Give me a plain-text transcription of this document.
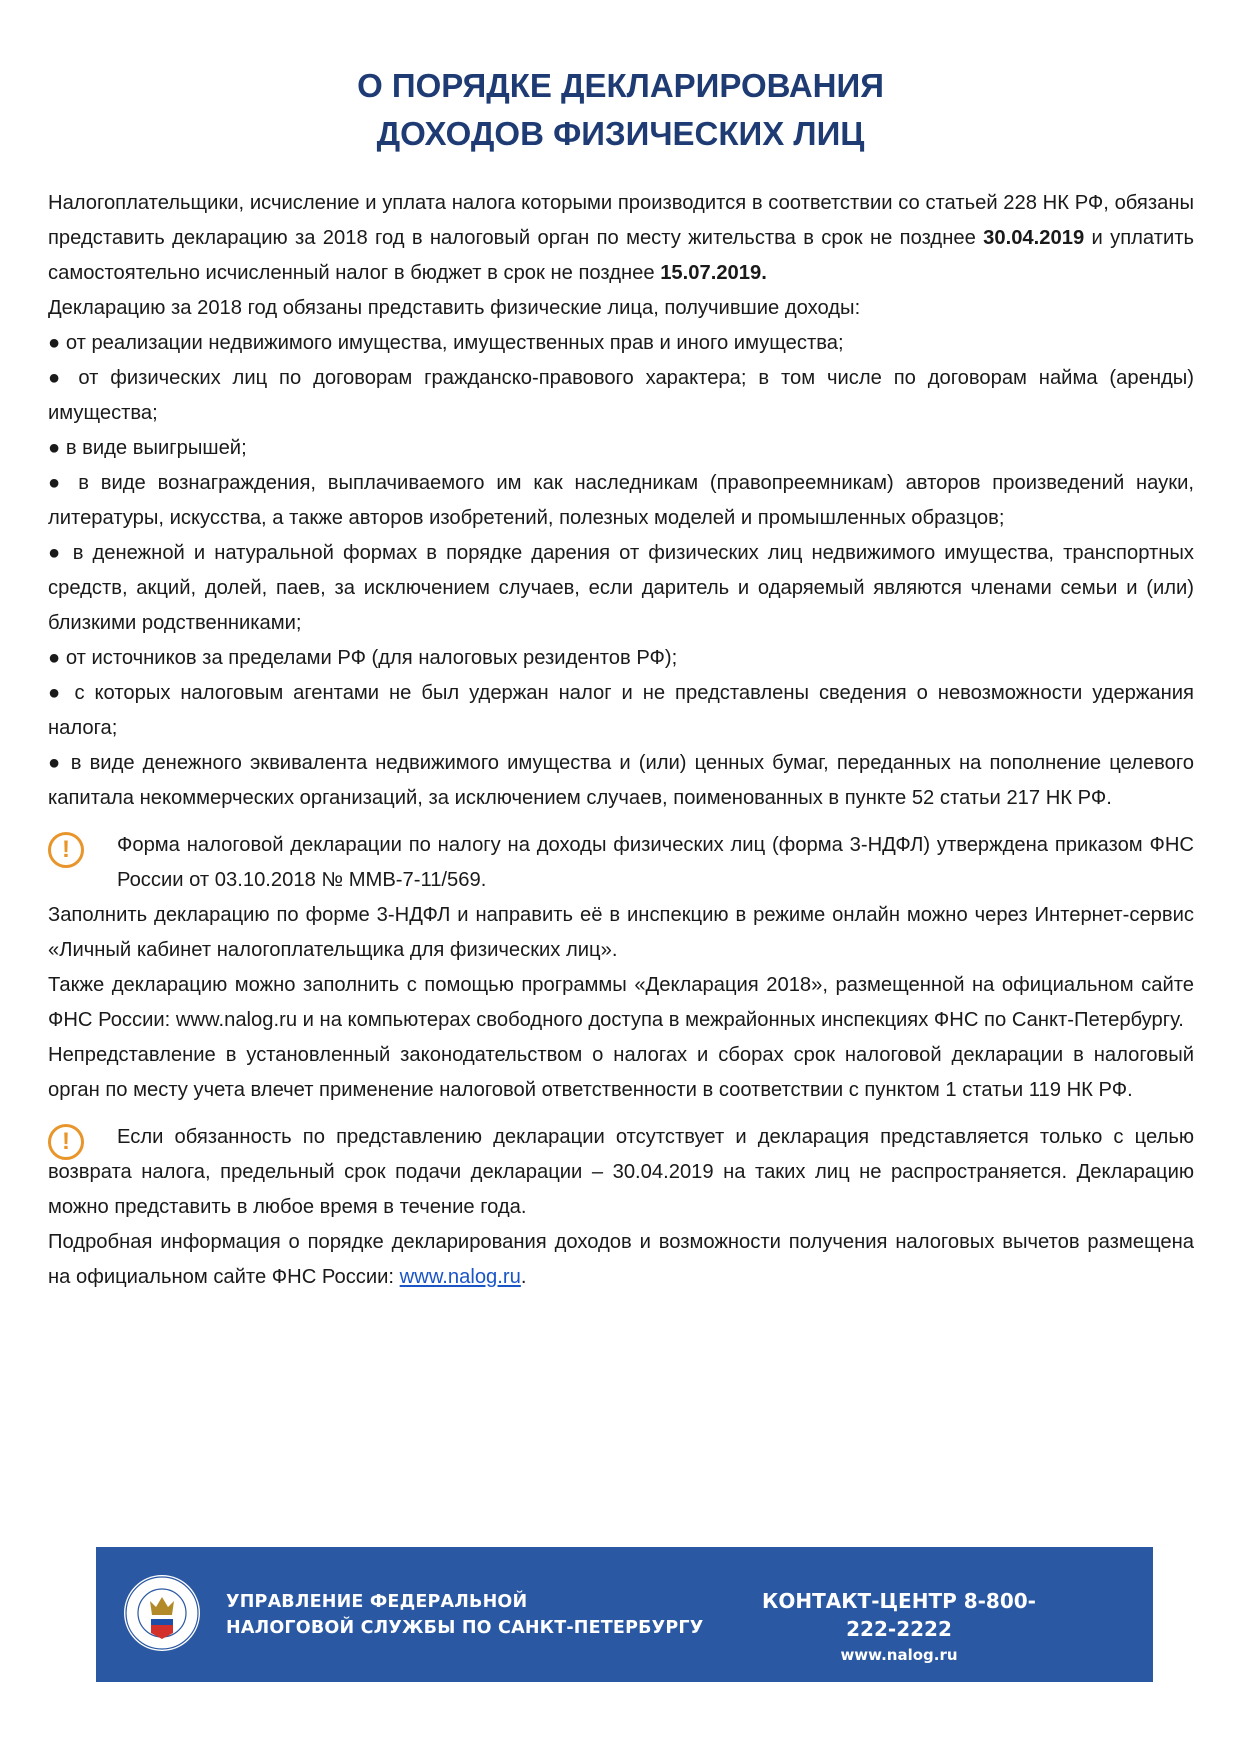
О ПОРЯДКЕ ДЕКЛАРИРОВАНИЯ
ДОХОДОВ ФИЗИЧЕСКИХ ЛИЦ

Налогоплательщики, исчисление и уплата налога которыми производится в соответствии со статьей 228 НК РФ, обязаны представить декларацию за 2018 год в налоговый орган по месту жительства в срок не позднее 30.04.2019 и уплатить самостоятельно исчисленный налог в бюджет в срок не позднее 15.07.2019.

Декларацию за 2018 год обязаны представить физические лица, получившие доходы:

● от реализации недвижимого имущества, имущественных прав и иного имущества;

● от физических лиц по договорам гражданско-правового характера; в том числе по договорам найма (аренды) имущества;

● в виде выигрышей;

● в виде вознаграждения, выплачиваемого им как наследникам (правопреемникам) авторов произведений науки, литературы, искусства, а также авторов изобретений, полезных моделей и промышленных образцов;

● в денежной и натуральной формах в порядке дарения от физических лиц недвижимого имущества, транспортных средств, акций, долей, паев, за исключением случаев, если даритель и одаряемый являются членами семьи и (или) близкими родственниками;

● от источников за пределами РФ (для налоговых резидентов РФ);

● с которых налоговым агентами не был удержан налог и не представлены сведения о невозможности удержания налога;

● в виде денежного эквивалента недвижимого имущества и (или) ценных бумаг, переданных на пополнение целевого капитала некоммерческих организаций, за исключением случаев, поименованных в пункте 52 статьи 217 НК РФ.

!	Форма налоговой декларации по налогу на доходы физических лиц (форма 3-НДФЛ) утверждена приказом ФНС России от 03.10.2018 № ММВ-7-11/569.

Заполнить декларацию по форме 3-НДФЛ и направить её в инспекцию в режиме онлайн можно через Интернет-сервис «Личный кабинет налогоплательщика для физических лиц».

Также декларацию можно заполнить с помощью программы «Декларация 2018», размещенной на официальном сайте ФНС России: www.nalog.ru и на компьютерах свободного доступа в межрайонных инспекциях ФНС по Санкт-Петербургу.

Непредставление в установленный законодательством о налогах и сборах срок налоговой декларации в налоговый орган по месту учета влечет применение налоговой ответственности в соответствии с пунктом 1 статьи 119 НК РФ.

!	Если обязанность по представлению декларации отсутствует и декларация представляется только с целью возврата налога, предельный срок подачи декларации – 30.04.2019 на таких лиц не распространяется. Декларацию можно представить в любое время в течение года.

Подробная информация о порядке декларирования доходов и возможности получения налоговых вычетов размещена на официальном сайте ФНС России: www.nalog.ru.

УПРАВЛЕНИЕ ФЕДЕРАЛЬНОЙ
НАЛОГОВОЙ СЛУЖБЫ ПО САНКТ-ПЕТЕРБУРГУ
КОНТАКТ-ЦЕНТР 8-800-222-2222
www.nalog.ru
